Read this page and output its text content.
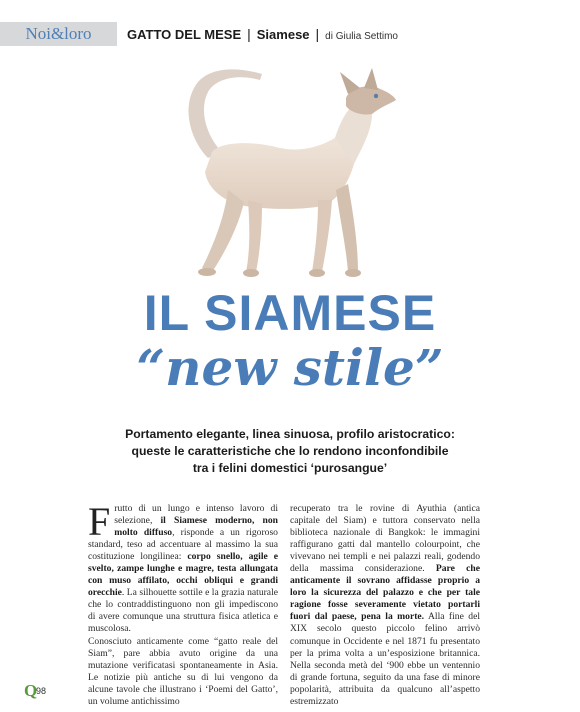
Noi&loro	GATTO DEL MESE | Siamese | di Giulia Settimo
IL SIAMESE
“new stile”
Portamento elegante, linea sinuosa, profilo aristocratico:
queste le caratteristiche che lo rendono inconfondibile
tra i felini domestici ‘purosangue’

Frutto di un lungo e intenso lavoro di selezione, il Siamese moderno, non molto diffuso, risponde a un rigoroso standard, teso ad accentuare al massimo la sua costituzione longilinea: corpo snello, agile e svelto, zampe lunghe e magre, testa allungata con muso affilato, occhi obliqui e grandi orecchie. La silhouette sottile e la grazia naturale che lo contraddistinguono non gli impediscono di avere comunque una struttura fisica atletica e muscolosa.

Conosciuto anticamente come “gatto reale del Siam”, pare abbia avuto origine da una mutazione verificatasi spontaneamente in Asia. Le notizie più antiche su di lui vengono da alcune tavole che illustrano i ‘Poemi del Gatto’, un volume antichissimo

recuperato tra le rovine di Ayuthia (antica capitale del Siam) e tuttora conservato nella biblioteca nazionale di Bangkok: le immagini raffigurano gatti dal mantello colourpoint, che vivevano nei templi e nei palazzi reali, godendo della massima considerazione. Pare che anticamente il sovrano affidasse proprio a loro la sicurezza del palazzo e che per tale ragione fosse severamente vietato portarli fuori dal paese, pena la morte. Alla fine del XIX secolo questo piccolo felino arrivò comunque in Occidente e nel 1871 fu presentato per la prima volta a un’esposizione britannica. Nella seconda metà del ‘900 ebbe un ventennio di grande fortuna, seguito da una fase di minore popolarità, attribuita da qualcuno all’aspetto estremizzato

Q
98
